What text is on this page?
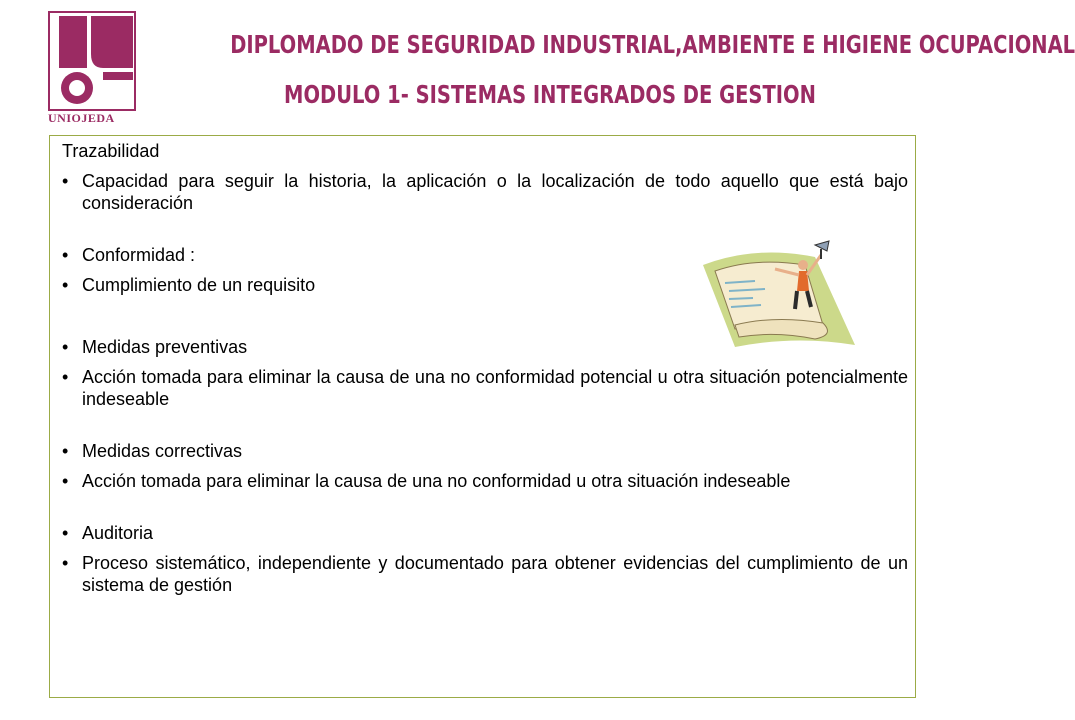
UNIOJEDA
DIPLOMADO DE SEGURIDAD INDUSTRIAL,AMBIENTE E HIGIENE OCUPACIONAL
MODULO 1- SISTEMAS INTEGRADOS DE GESTION

Trazabilidad

• Capacidad para seguir la historia, la aplicación o la localización de todo aquello que está bajo consideración
• Conformidad :
• Cumplimiento de un requisito
• Medidas preventivas
• Acción tomada para eliminar la causa de una no conformidad potencial u otra situación potencialmente indeseable
• Medidas correctivas
• Acción tomada para eliminar la causa de una no conformidad u otra situación indeseable
• Auditoria
• Proceso sistemático, independiente y documentado para obtener evidencias del cumplimiento de un sistema de gestión
